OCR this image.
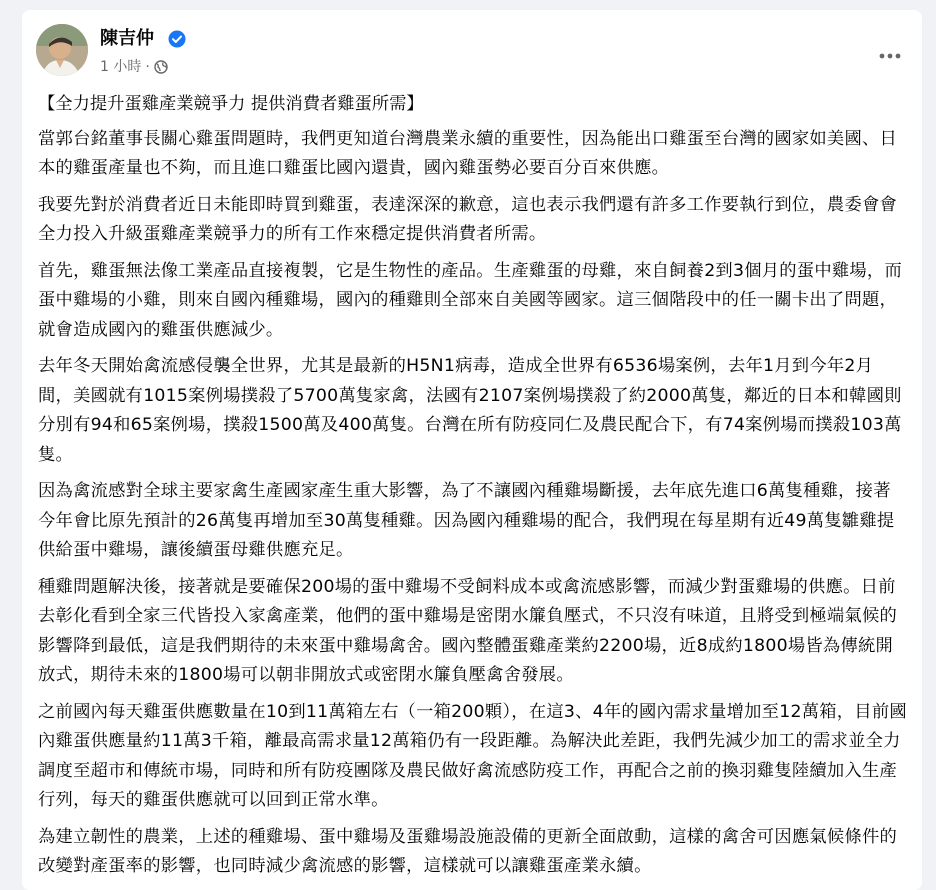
陳吉仲
1 小時 ·
【全力提升蛋雞產業競爭力 提供消費者雞蛋所需】

當郭台銘董事長關心雞蛋問題時，我們更知道台灣農業永續的重要性，因為能出口雞蛋至台灣的國家如美國、日本的雞蛋產量也不夠，而且進口雞蛋比國內還貴，國內雞蛋勢必要百分百來供應。

我要先對於消費者近日未能即時買到雞蛋，表達深深的歉意，這也表示我們還有許多工作要執行到位，農委會會全力投入升級蛋雞產業競爭力的所有工作來穩定提供消費者所需。

首先，雞蛋無法像工業產品直接複製，它是生物性的產品。生產雞蛋的母雞，來自飼養2到3個月的蛋中雞場，而蛋中雞場的小雞，則來自國內種雞場，國內的種雞則全部來自美國等國家。這三個階段中的任一關卡出了問題，就會造成國內的雞蛋供應減少。

去年冬天開始禽流感侵襲全世界，尤其是最新的H5N1病毒，造成全世界有6536場案例，去年1月到今年2月間，美國就有1015案例場撲殺了5700萬隻家禽，法國有2107案例場撲殺了約2000萬隻，鄰近的日本和韓國則分別有94和65案例場，撲殺1500萬及400萬隻。台灣在所有防疫同仁及農民配合下，有74案例場而撲殺103萬隻。

因為禽流感對全球主要家禽生產國家產生重大影響，為了不讓國內種雞場斷援，去年底先進口6萬隻種雞，接著今年會比原先預計的26萬隻再增加至30萬隻種雞。因為國內種雞場的配合，我們現在每星期有近49萬隻雛雞提供給蛋中雞場，讓後續蛋母雞供應充足。

種雞問題解決後，接著就是要確保200場的蛋中雞場不受飼料成本或禽流感影響，而減少對蛋雞場的供應。日前去彰化看到全家三代皆投入家禽產業，他們的蛋中雞場是密閉水簾負壓式，不只沒有味道，且將受到極端氣候的影響降到最低，這是我們期待的未來蛋中雞場禽舍。國內整體蛋雞產業約2200場，近8成約1800場皆為傳統開放式，期待未來的1800場可以朝非開放式或密閉水簾負壓禽舍發展。

之前國內每天雞蛋供應數量在10到11萬箱左右（一箱200顆），在這3、4年的國內需求量增加至12萬箱，目前國內雞蛋供應量約11萬3千箱，離最高需求量12萬箱仍有一段距離。為解決此差距，我們先減少加工的需求並全力調度至超市和傳統市場，同時和所有防疫團隊及農民做好禽流感防疫工作，再配合之前的換羽雞隻陸續加入生產行列，每天的雞蛋供應就可以回到正常水準。

為建立韌性的農業，上述的種雞場、蛋中雞場及蛋雞場設施設備的更新全面啟動，這樣的禽舍可因應氣候條件的改變對產蛋率的影響，也同時減少禽流感的影響，這樣就可以讓雞蛋產業永續。
